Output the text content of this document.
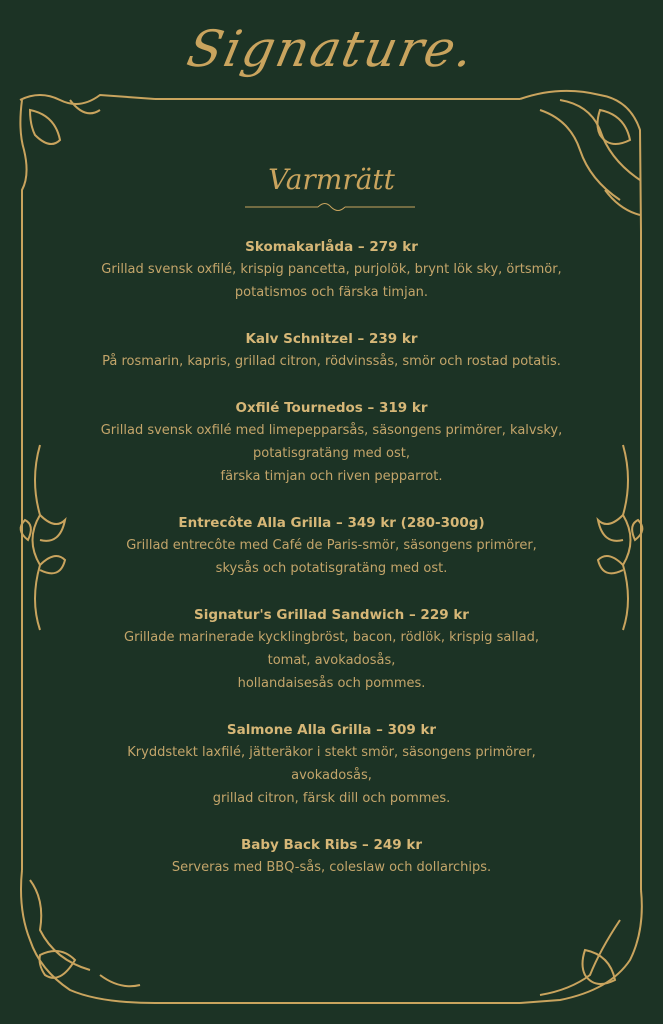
Signature.
Varmrätt
Skomakarlåda – 279 kr
Grillad svensk oxfilé, krispig pancetta, purjolök, brynt lök sky, örtsmör,
potatismos och färska timjan.
Kalv Schnitzel – 239 kr
På rosmarin, kapris, grillad citron, rödvinssås, smör och rostad potatis.
Oxfilé Tournedos – 319 kr
Grillad svensk oxfilé med limepepparsås, säsongens primörer, kalvsky,
potatisgratäng med ost,
färska timjan och riven pepparrot.
Entrecôte Alla Grilla – 349 kr (280-300g)
Grillad entrecôte med Café de Paris-smör, säsongens primörer,
skysås och potatisgratäng med ost.
Signatur's Grillad Sandwich – 229 kr
Grillade marinerade kycklingbröst, bacon, rödlök, krispig sallad,
tomat, avokadosås,
hollandaisesås och pommes.
Salmone Alla Grilla – 309 kr
Kryddstekt laxfilé, jätteräkor i stekt smör, säsongens primörer,
avokadosås,
grillad citron, färsk dill och pommes.
Baby Back Ribs – 249 kr
Serveras med BBQ-sås, coleslaw och dollarchips.
